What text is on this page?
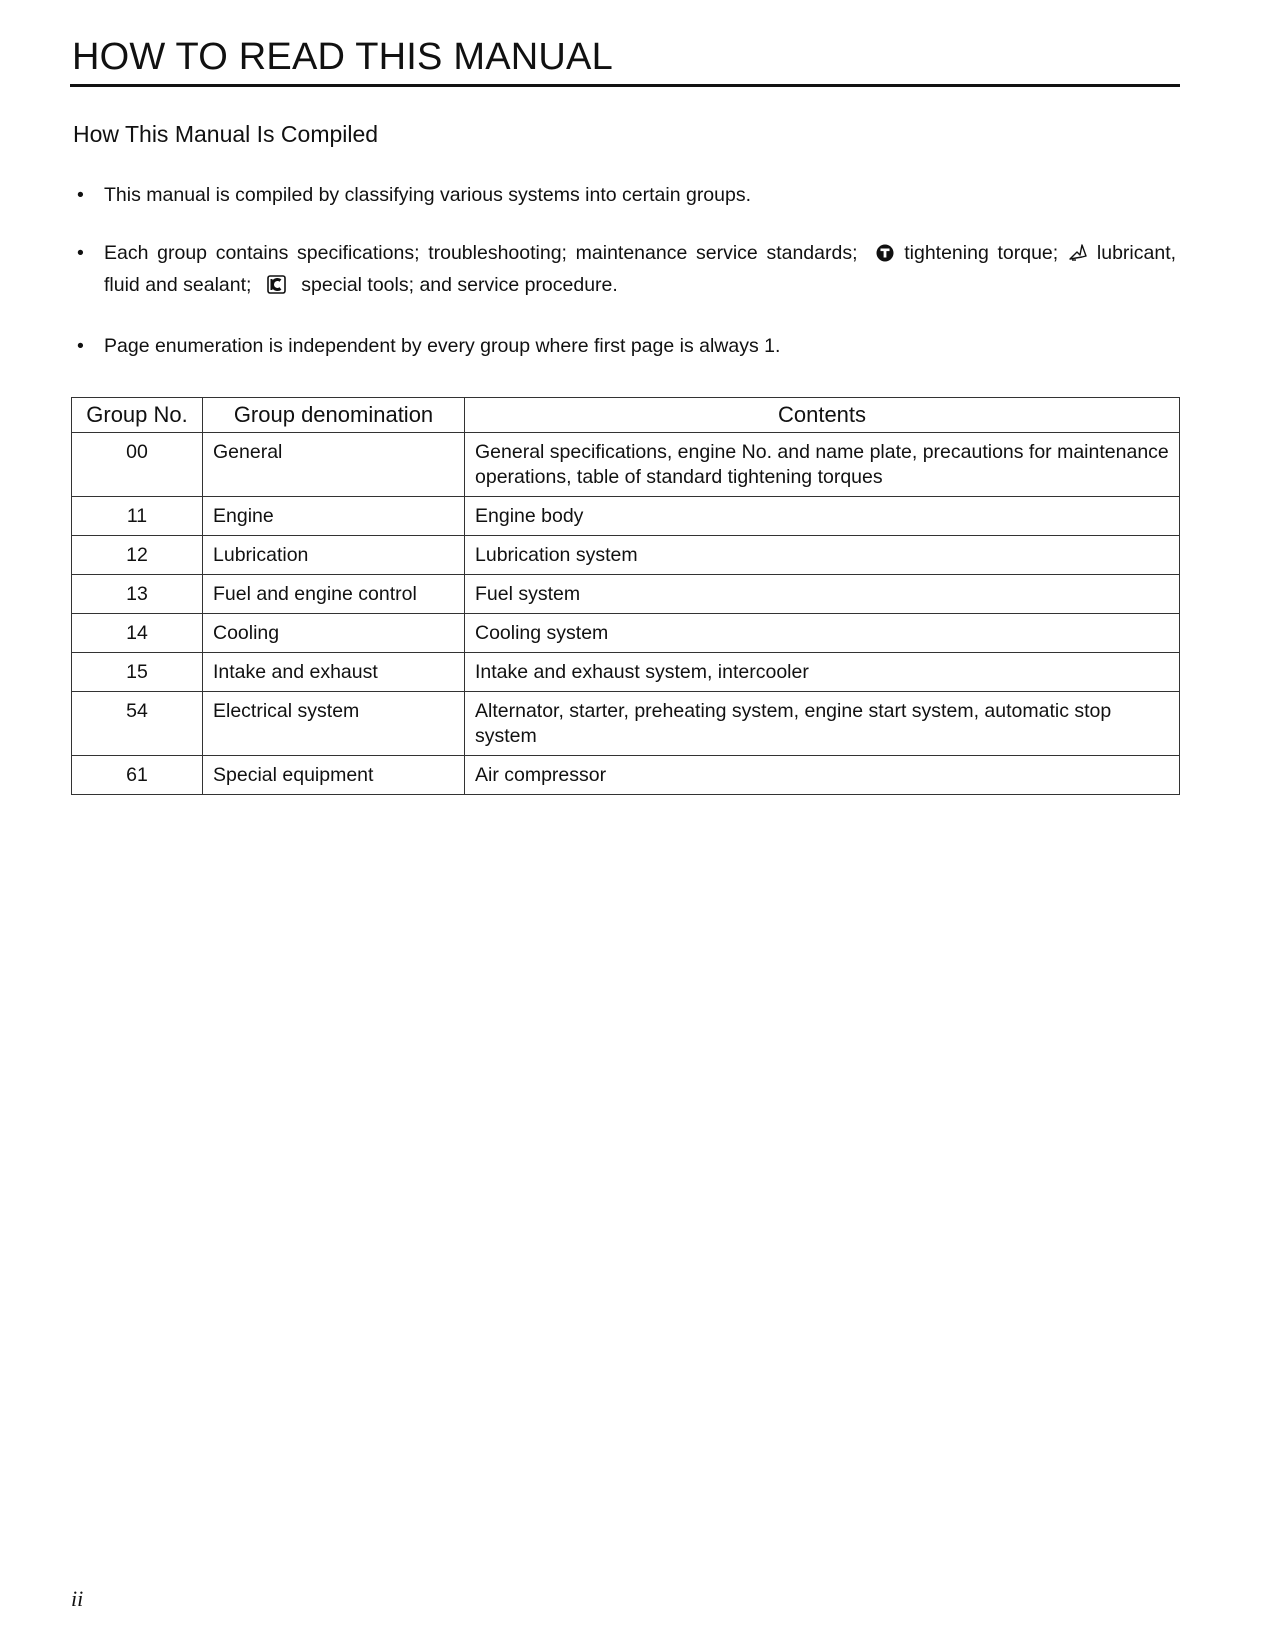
HOW TO READ THIS MANUAL
How This Manual Is Compiled
• This manual is compiled by classifying various systems into certain groups.
• Each group contains specifications; troubleshooting; maintenance service standards; tightening torque; lubricant, fluid and sealant;	special tools; and service procedure.
• Page enumeration is independent by every group where first page is always 1.
Group No.	Group denomination	Contents
00	General	General specifications, engine No. and name plate, precautions for maintenance operations, table of standard tightening torques
11	Engine	Engine body
12	Lubrication	Lubrication system
13	Fuel and engine control	Fuel system
14	Cooling	Cooling system
15	Intake and exhaust	Intake and exhaust system, intercooler
54	Electrical system	Alternator, starter, preheating system, engine start system, automatic stop system
61	Special equipment	Air compressor
ii
